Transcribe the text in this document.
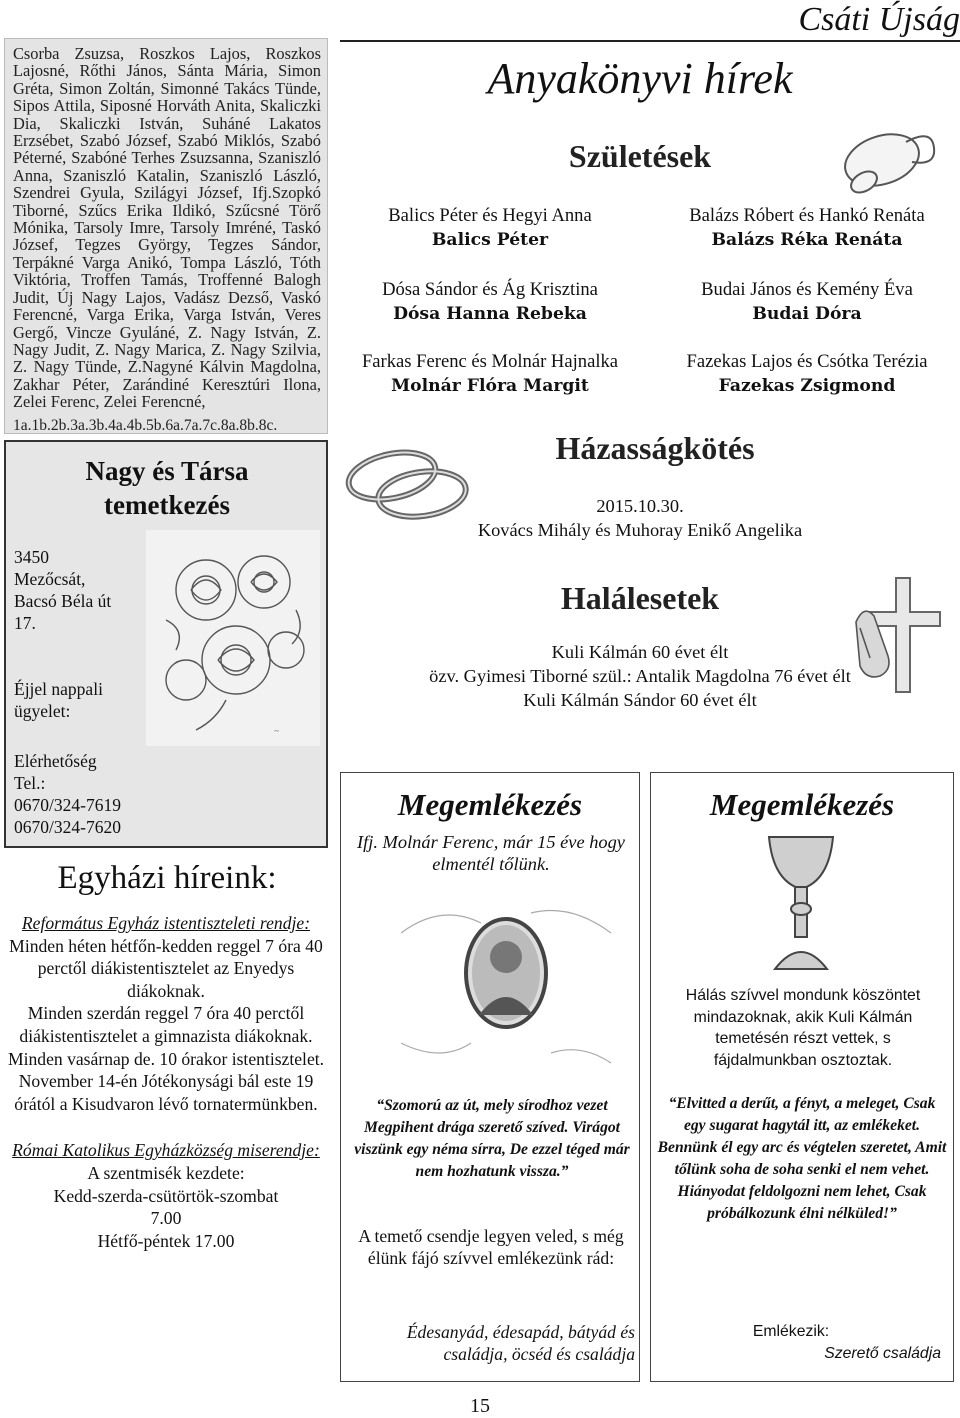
Csáti Újság
Anyakönyvi hírek
Csorba Zsuzsa, Roszkos Lajos, Roszkos Lajosné, Rőthi János, Sánta Mária, Simon Gréta, Simon Zoltán, Simonné Takács Tünde, Sipos Attila, Siposné Horváth Anita, Skaliczki Dia, Skaliczki István, Suháné Lakatos Erzsébet, Szabó József, Szabó Miklós, Szabó Péterné, Szabóné Terhes Zsuzsanna, Szaniszló Anna, Szaniszló Katalin, Szaniszló László, Szendrei Gyula, Szilágyi József, Ifj.Szopkó Tiborné, Szűcs Erika Ildikó, Szűcsné Törő Mónika, Tarsoly Imre, Tarsoly Imréné, Taskó József, Tegzes György, Tegzes Sándor, Terpákné Varga Anikó, Tompa László, Tóth Viktória, Troffen Tamás, Troffenné Balogh Judit, Új Nagy Lajos, Vadász Dezső, Vaskó Ferencné, Varga Erika, Varga István, Veres Gergő, Vincze Gyuláné, Z. Nagy István, Z. Nagy Judit, Z. Nagy Marica, Z. Nagy Szilvia, Z. Nagy Tünde, Z.Nagyné Kálvin Magdolna, Zakhar Péter, Zarándiné Keresztúri Ilona, Zelei Ferenc, Zelei Ferencné,
1a.1b.2b.3a.3b.4a.4b.5b.6a.7a.7c.8a.8b.8c.
Nagy és Társa temetkezés
3450
Mezőcsát,
Bacsó Béla út
17.
Éjjel nappali
ügyelet:
Elérhetőség
Tel.:
0670/324-7619
0670/324-7620
~
Egyházi híreink:
Református Egyház istentiszteleti rendje:
Minden héten hétfőn-kedden reggel 7 óra 40 perctől diákistentisztelet az Enyedys diákoknak.
Minden szerdán reggel 7 óra 40 perctől diákistentisztelet a gimnazista diákoknak.
Minden vasárnap de. 10 órakor istentisztelet.
November 14-én Jótékonysági bál este 19 órától a Kisudvaron lévő tornatermünkben.
Római Katolikus Egyházközség miserendje:
A szentmisék kezdete:
Kedd-szerda-csütörtök-szombat
7.00
Hétfő-péntek 17.00
Születések
Balics Péter és Hegyi Anna
Balics Péter
Balázs Róbert és Hankó Renáta
Balázs Réka Renáta
Dósa Sándor és Ág Krisztina
Dósa Hanna Rebeka
Budai János és Kemény Éva
Budai Dóra
Farkas Ferenc és Molnár Hajnalka
Molnár Flóra Margit
Fazekas Lajos és Csótka Terézia
Fazekas Zsigmond
Házasságkötés
2015.10.30.
Kovács Mihály és Muhoray Enikő Angelika
Halálesetek
Kuli Kálmán 60 évet élt
özv. Gyimesi Tiborné szül.: Antalik Magdolna 76 évet élt
Kuli Kálmán Sándor 60 évet élt
Megemlékezés
Ifj. Molnár Ferenc, már 15 éve hogy elmentél tőlünk.
“Szomorú az út, mely sírodhoz vezet Megpihent drága szerető szíved. Virágot viszünk egy néma sírra, De ezzel téged már nem hozhatunk vissza.”
A temető csendje legyen veled, s még élünk fájó szívvel emlékezünk rád:
Édesanyád, édesapád, bátyád és családja, öcséd és családja
Megemlékezés
Hálás szívvel mondunk köszöntet mindazoknak, akik Kuli Kálmán temetésén részt vettek, s fájdalmunkban osztoztak.
“Elvitted a derűt, a fényt, a meleget, Csak egy sugarat hagytál itt, az emlékeket. Bennünk él egy arc és végtelen szeretet, Amit tőlünk soha de soha senki el nem vehet. Hiányodat feldolgozni nem lehet, Csak próbálkozunk élni nélküled!”
Emlékezik:
Szerető családja
15
